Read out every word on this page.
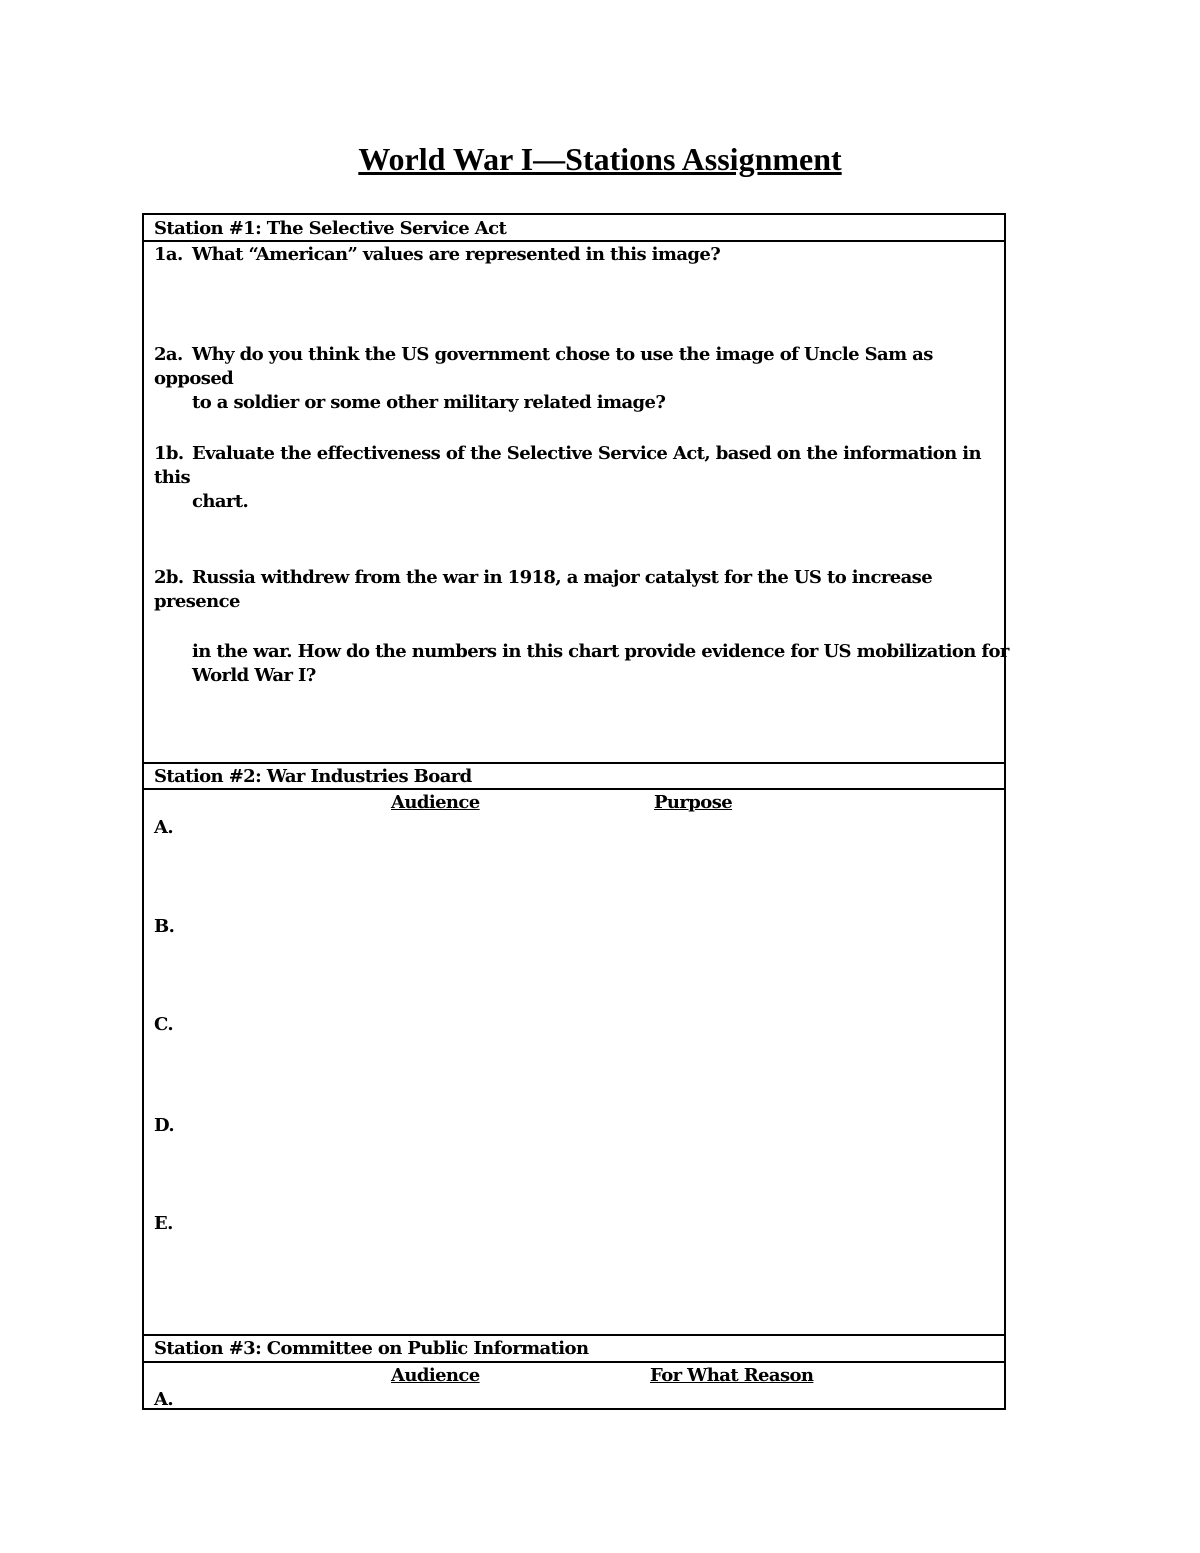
World War I—Stations Assignment
Station #1: The Selective Service Act
1a. What “American” values are represented in this image?
2a. Why do you think the US government chose to use the image of Uncle Sam as opposed
to a soldier or some other military related image?
1b. Evaluate the effectiveness of the Selective Service Act, based on the information in this
chart.
2b. Russia withdrew from the war in 1918, a major catalyst for the US to increase presence
in the war. How do the numbers in this chart provide evidence for US mobilization for
World War I?
Station #2: War Industries Board
Audience	Purpose
A.
B.
C.
D.
E.
Station #3: Committee on Public Information
Audience	For What Reason
A.
